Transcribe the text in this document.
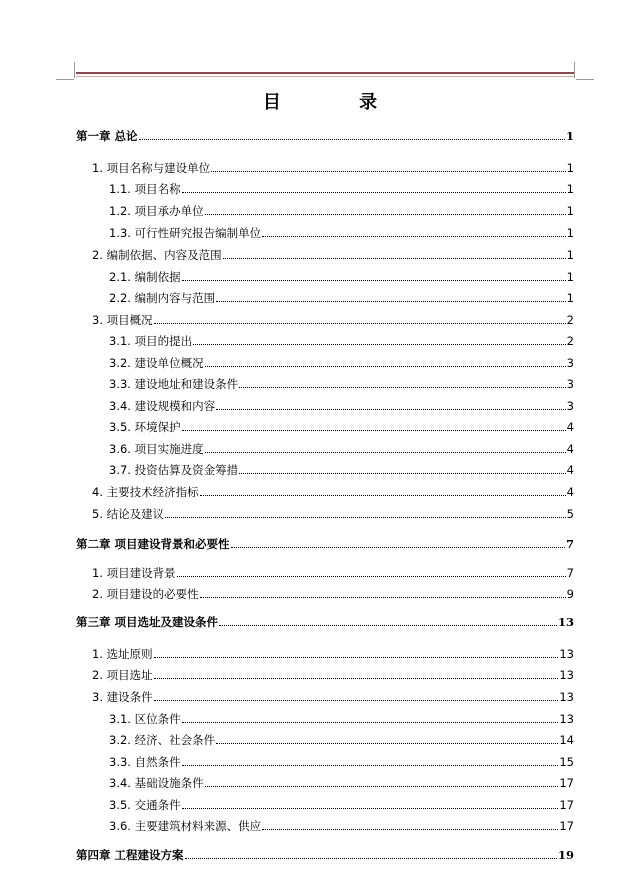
目 录
第一章 总论	1
1. 项目名称与建设单位	1
1.1. 项目名称	1
1.2. 项目承办单位	1
1.3. 可行性研究报告编制单位	1
2. 编制依据、内容及范围	1
2.1. 编制依据	1
2.2. 编制内容与范围	1
3. 项目概况	2
3.1. 项目的提出	2
3.2. 建设单位概况	3
3.3. 建设地址和建设条件	3
3.4. 建设规模和内容	3
3.5. 环境保护	4
3.6. 项目实施进度	4
3.7. 投资估算及资金筹措	4
4. 主要技术经济指标	4
5. 结论及建议	5
第二章 项目建设背景和必要性	7
1. 项目建设背景	7
2. 项目建设的必要性	9
第三章 项目选址及建设条件	13
1. 选址原则	13
2. 项目选址	13
3. 建设条件	13
3.1. 区位条件	13
3.2. 经济、社会条件	14
3.3. 自然条件	15
3.4. 基础设施条件	17
3.5. 交通条件	17
3.6. 主要建筑材料来源、供应	17
第四章 工程建设方案	19
